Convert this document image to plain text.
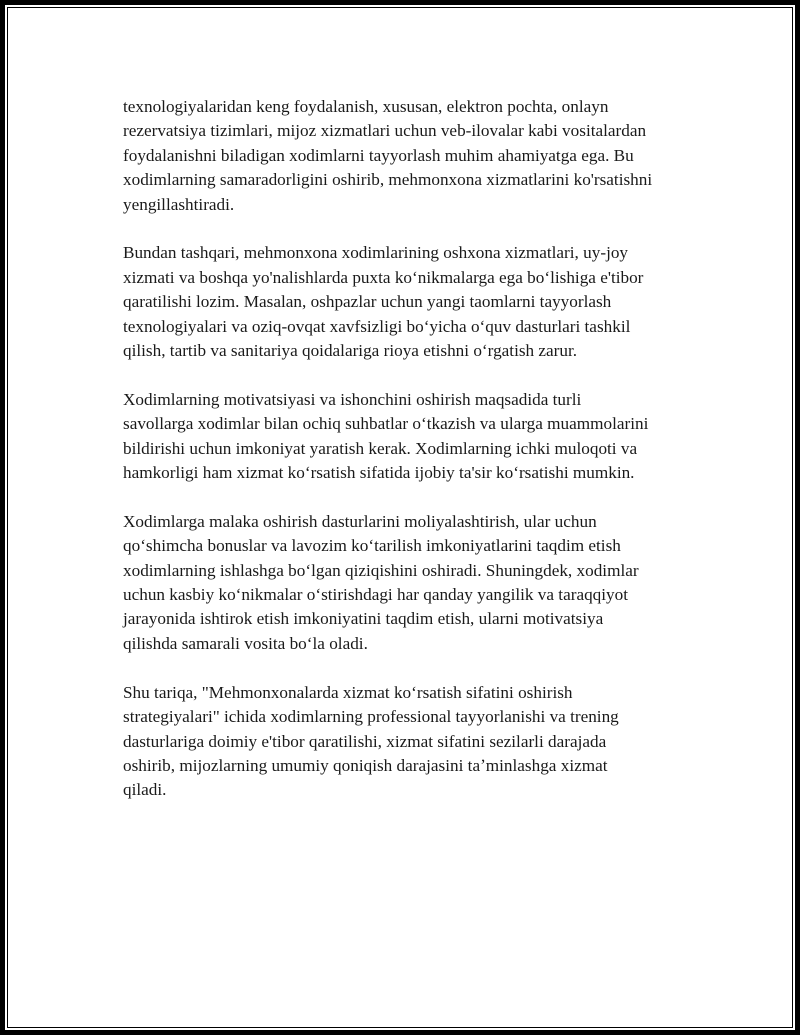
texnologiyalaridan keng foydalanish, xususan, elektron pochta, onlayn
rezervatsiya tizimlari, mijoz xizmatlari uchun veb-ilovalar kabi vositalardan
foydalanishni biladigan xodimlarni tayyorlash muhim ahamiyatga ega. Bu
xodimlarning samaradorligini oshirib, mehmonxona xizmatlarini ko'rsatishni
yengillashtiradi.

Bundan tashqari, mehmonxona xodimlarining oshxona xizmatlari, uy-joy
xizmati va boshqa yo'nalishlarda puxta koʻnikmalarga ega boʻlishiga e'tibor
qaratilishi lozim. Masalan, oshpazlar uchun yangi taomlarni tayyorlash
texnologiyalari va oziq-ovqat xavfsizligi boʻyicha oʻquv dasturlari tashkil
qilish, tartib va sanitariya qoidalariga rioya etishni oʻrgatish zarur.

Xodimlarning motivatsiyasi va ishonchini oshirish maqsadida turli
savollarga xodimlar bilan ochiq suhbatlar oʻtkazish va ularga muammolarini
bildirishi uchun imkoniyat yaratish kerak. Xodimlarning ichki muloqoti va
hamkorligi ham xizmat koʻrsatish sifatida ijobiy ta'sir koʻrsatishi mumkin.

Xodimlarga malaka oshirish dasturlarini moliyalashtirish, ular uchun
qoʻshimcha bonuslar va lavozim koʻtarilish imkoniyatlarini taqdim etish
xodimlarning ishlashga boʻlgan qiziqishini oshiradi. Shuningdek, xodimlar
uchun kasbiy koʻnikmalar oʻstirishdagi har qanday yangilik va taraqqiyot
jarayonida ishtirok etish imkoniyatini taqdim etish, ularni motivatsiya
qilishda samarali vosita boʻla oladi.

Shu tariqa, "Mehmonxonalarda xizmat koʻrsatish sifatini oshirish
strategiyalari" ichida xodimlarning professional tayyorlanishi va trening
dasturlariga doimiy e'tibor qaratilishi, xizmat sifatini sezilarli darajada
oshirib, mijozlarning umumiy qoniqish darajasini taʼminlashga xizmat
qiladi.
